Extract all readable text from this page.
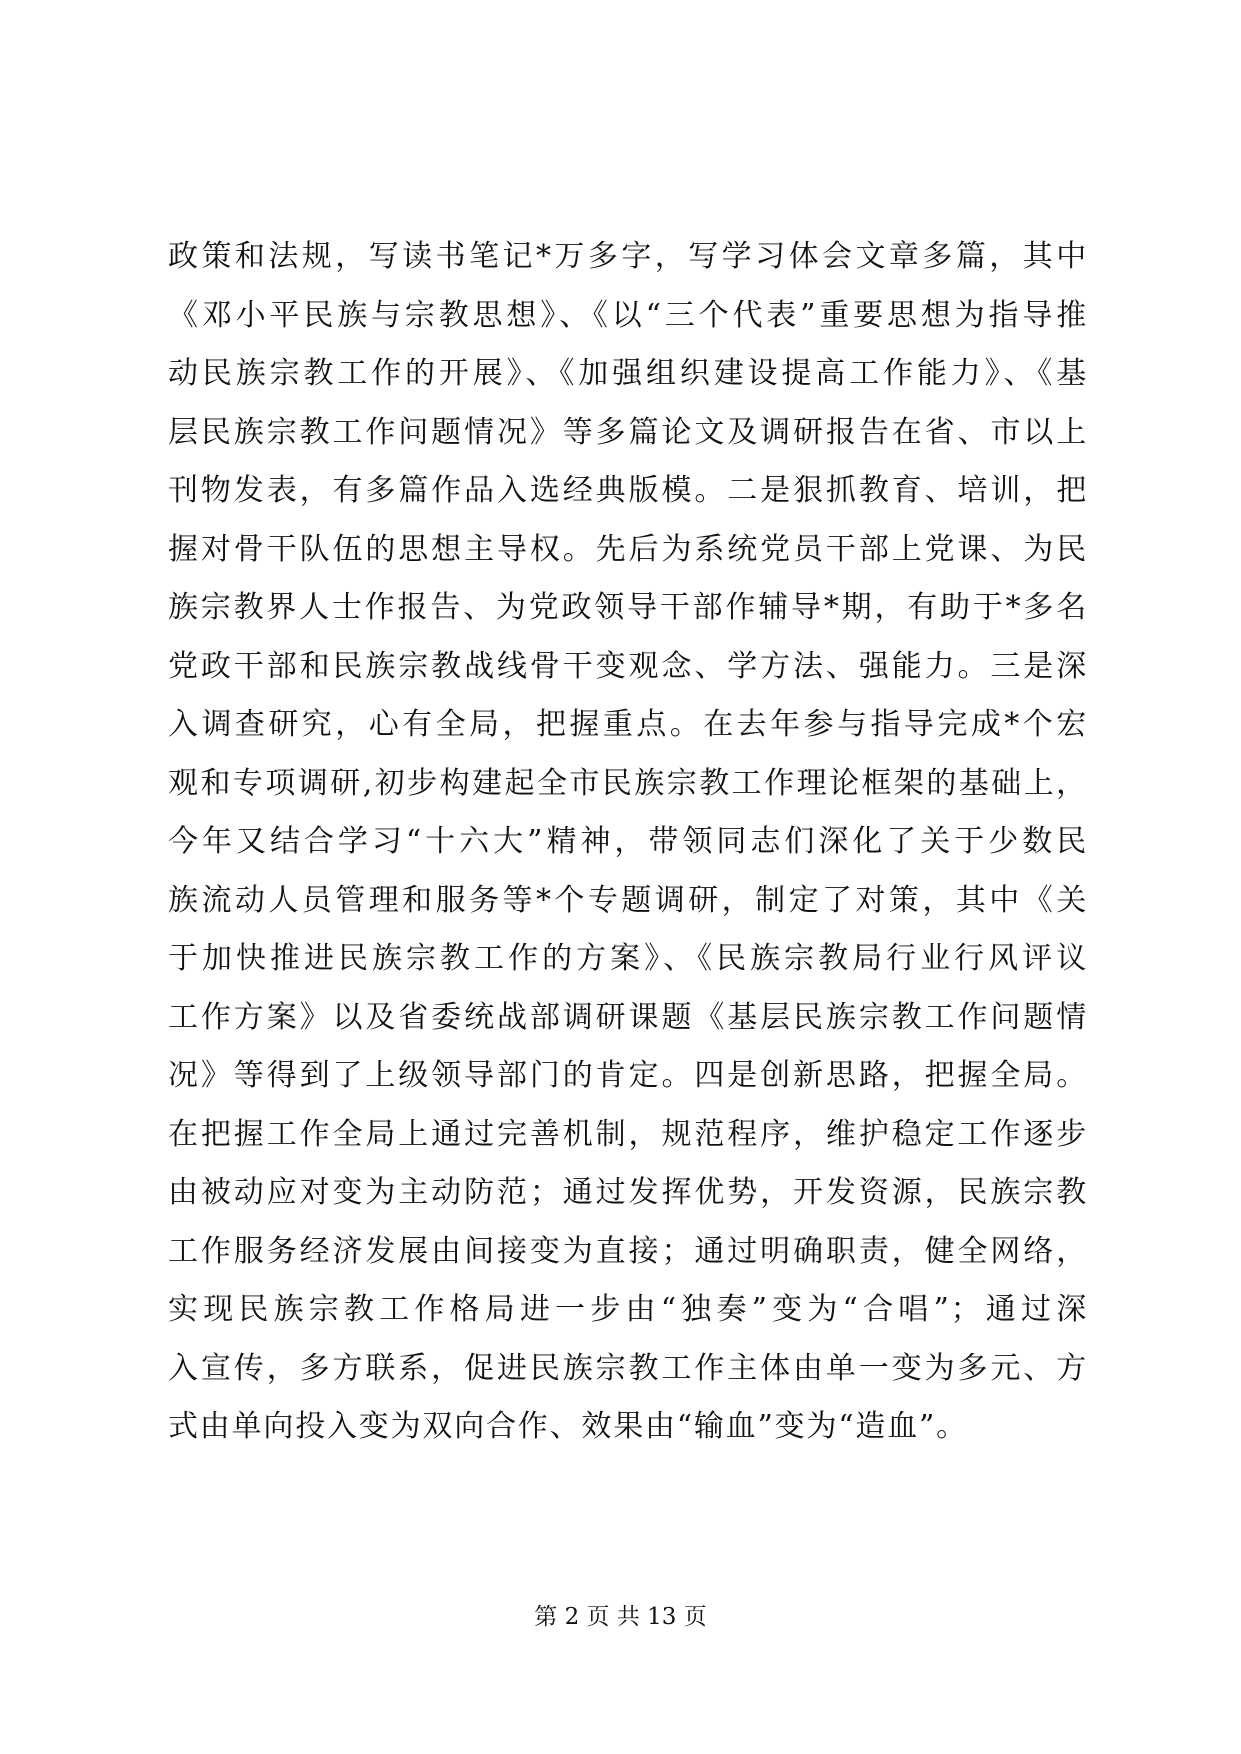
政策和法规，写读书笔记*万多字，写学习体会文章多篇，其中
《邓小平民族与宗教思想》、《以“三个代表”重要思想为指导推
动民族宗教工作的开展》、《加强组织建设提高工作能力》、《基
层民族宗教工作问题情况》等多篇论文及调研报告在省、市以上
刊物发表，有多篇作品入选经典版模。二是狠抓教育、培训，把
握对骨干队伍的思想主导权。先后为系统党员干部上党课、为民
族宗教界人士作报告、为党政领导干部作辅导*期，有助于*多名
党政干部和民族宗教战线骨干变观念、学方法、强能力。三是深
入调查研究，心有全局，把握重点。在去年参与指导完成*个宏
观和专项调研,初步构建起全市民族宗教工作理论框架的基础上，
今年又结合学习“十六大”精神，带领同志们深化了关于少数民
族流动人员管理和服务等*个专题调研，制定了对策，其中《关
于加快推进民族宗教工作的方案》、《民族宗教局行业行风评议
工作方案》以及省委统战部调研课题《基层民族宗教工作问题情
况》等得到了上级领导部门的肯定。四是创新思路，把握全局。
在把握工作全局上通过完善机制，规范程序，维护稳定工作逐步
由被动应对变为主动防范；通过发挥优势，开发资源，民族宗教
工作服务经济发展由间接变为直接；通过明确职责，健全网络，
实现民族宗教工作格局进一步由“独奏”变为“合唱”；通过深
入宣传，多方联系，促进民族宗教工作主体由单一变为多元、方
式由单向投入变为双向合作、效果由“输血”变为“造血”。
第 2 页 共 13 页
